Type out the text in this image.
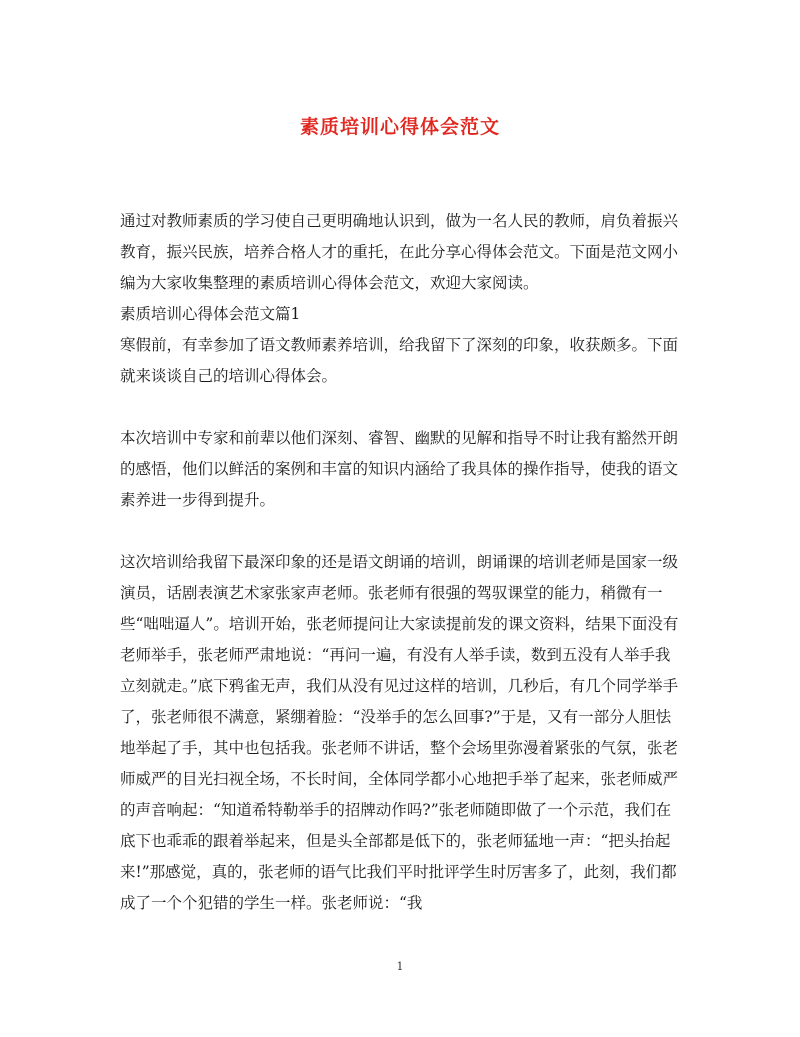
素质培训心得体会范文

通过对教师素质的学习使自己更明确地认识到，做为一名人民的教师，肩负着振兴教育，振兴民族，培养合格人才的重托，在此分享心得体会范文。下面是范文网小编为大家收集整理的素质培训心得体会范文，欢迎大家阅读。

素质培训心得体会范文篇1

寒假前，有幸参加了语文教师素养培训，给我留下了深刻的印象，收获颇多。下面就来谈谈自己的培训心得体会。

本次培训中专家和前辈以他们深刻、睿智、幽默的见解和指导不时让我有豁然开朗的感悟，他们以鲜活的案例和丰富的知识内涵给了我具体的操作指导，使我的语文素养进一步得到提升。

这次培训给我留下最深印象的还是语文朗诵的培训，朗诵课的培训老师是国家一级演员，话剧表演艺术家张家声老师。张老师有很强的驾驭课堂的能力，稍微有一些“咄咄逼人”。培训开始，张老师提问让大家读提前发的课文资料，结果下面没有老师举手，张老师严肃地说：“再问一遍，有没有人举手读，数到五没有人举手我立刻就走。”底下鸦雀无声，我们从没有见过这样的培训，几秒后，有几个同学举手了，张老师很不满意，紧绷着脸：“没举手的怎么回事?”于是，又有一部分人胆怯地举起了手，其中也包括我。张老师不讲话，整个会场里弥漫着紧张的气氛，张老师威严的目光扫视全场，不长时间，全体同学都小心地把手举了起来，张老师威严的声音响起：“知道希特勒举手的招牌动作吗?”张老师随即做了一个示范，我们在底下也乖乖的跟着举起来，但是头全部都是低下的，张老师猛地一声：“把头抬起来!”那感觉，真的，张老师的语气比我们平时批评学生时厉害多了，此刻，我们都成了一个个犯错的学生一样。张老师说：“我

1
